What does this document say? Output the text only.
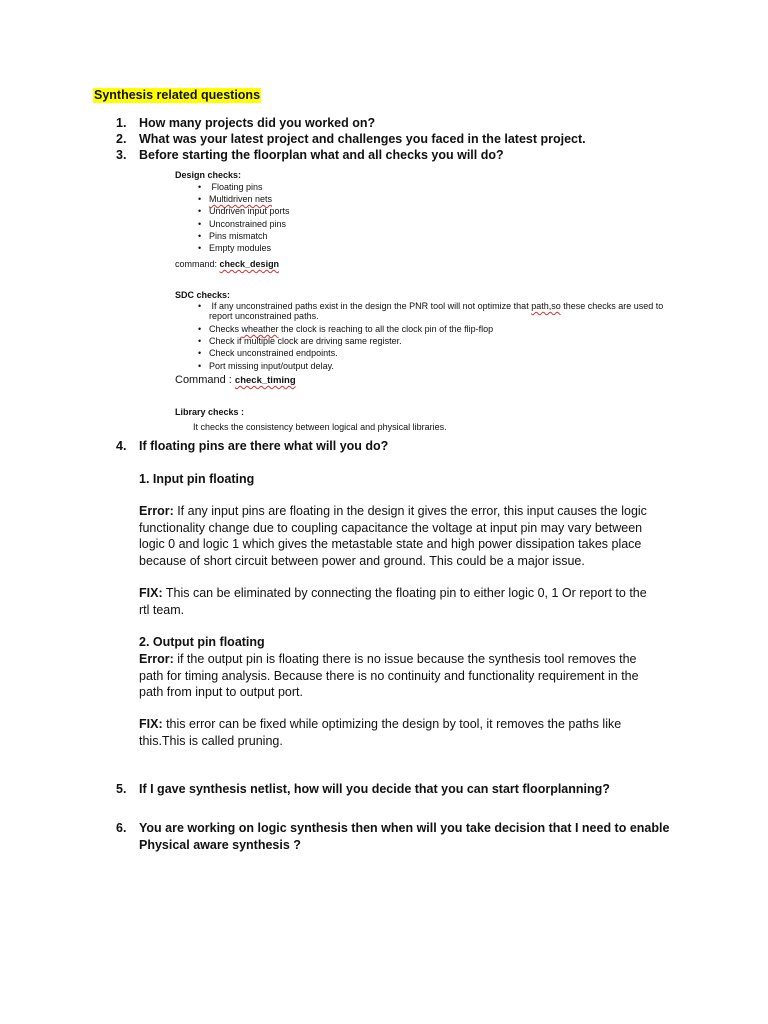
Synthesis related questions
1. How many projects did you worked on?
2. What was your latest project and challenges you faced in the latest project.
3. Before starting the floorplan what and all checks you will do?
Design checks:
• Floating pins
• Multidriven nets
• Undriven input ports
• Unconstrained pins
• Pins mismatch
• Empty modules
command: check_design
SDC checks:
• If any unconstrained paths exist in the design the PNR tool will not optimize that path,so these checks are used to
report unconstrained paths.
• Checks wheather the clock is reaching to all the clock pin of the flip-flop
• Check if multiple clock are driving same register.
• Check unconstrained endpoints.
• Port missing input/output delay.
Command : check_timing
Library checks :
It checks the consistency between logical and physical libraries.
4. If floating pins are there what will you do?
1. Input pin floating
Error: If any input pins are floating in the design it gives the error, this input causes the logic
functionality change due to coupling capacitance the voltage at input pin may vary between
logic 0 and logic 1 which gives the metastable state and high power dissipation takes place
because of short circuit between power and ground. This could be a major issue.
FIX: This can be eliminated by connecting the floating pin to either logic 0, 1 Or report to the
rtl team.
2. Output pin floating
Error: if the output pin is floating there is no issue because the synthesis tool removes the
path for timing analysis. Because there is no continuity and functionality requirement in the
path from input to output port.
FIX: this error can be fixed while optimizing the design by tool, it removes the paths like
this.This is called pruning.
5. If I gave synthesis netlist, how will you decide that you can start floorplanning?
6. You are working on logic synthesis then when will you take decision that I need to enable
Physical aware synthesis ?
